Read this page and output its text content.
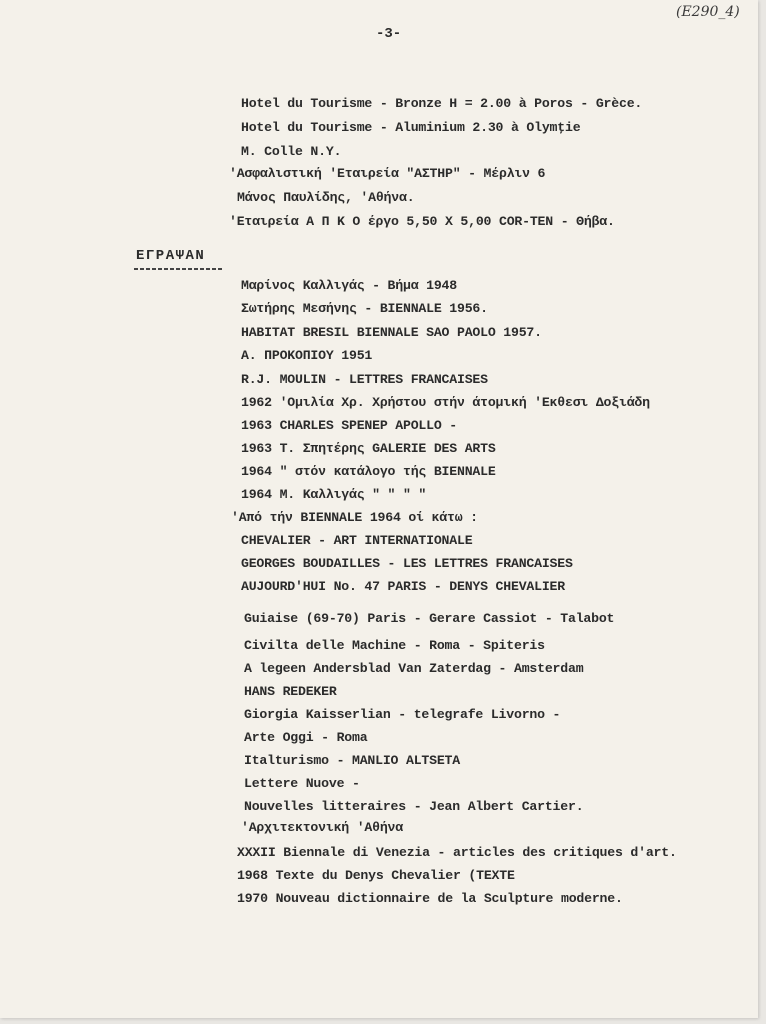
(Ε290_4)
-3-
Hotel du Tourisme - Bronze H = 2.00 à Poros - Grèce.
Hotel du Tourisme - Aluminium 2.30 à Olymţie
M. Colle N.Y.
'Ασφαλιστική 'Εταιρεία "ΑΣΤΗΡ" - Μέρλιν 6
Μάνος Παυλίδης, 'Αθήνα.
'Εταιρεία Α Π Κ Ο έργο 5,50 Χ 5,00 COR-TEN - Θήβα.
ΕΓΡΑΨΑΝ
Μαρίνος Καλλιγάς - Βήμα 1948
Σωτήρης Μεσήνης - BIENNALE 1956.
HABITAT BRESIL BIENNALE SAO PAOLO 1957.
A. ΠΡΟΚΟΠΙΟΥ 1951
R.J. MOULIN - LETTRES FRANCAISES
1962 'Ομιλία Χρ. Χρήστου στήν άτομική 'Εκθεσι Δοξιάδη
1963 CHARLES SPENEP APOLLO -
1963 Τ. Σπητέρης GALERIE DES ARTS
1964 " στόν κατάλογο τής BIENNALE
1964 M. Καλλιγάς " " " "
'Από τήν BIENNALE 1964 οί κάτω :
CHEVALIER - ART INTERNATIONALE
GEORGES BOUDAILLES - LES LETTRES FRANCAISES
AUJOURD'HUI No. 47 PARIS - DENYS CHEVALIER
Guiaise (69-70) Paris - Gerare Cassiot - Talabot
Civilta delle Machine - Roma - Spiteris
A legeen Andersblad Van Zaterdag - Amsterdam
HANS REDEKER
Giorgia Kaisserlian - telegrafe Livorno -
Arte Oggi - Roma
Italturismo - MANLIO ALTSETA
Lettere Nuove -
Nouvelles litteraires - Jean Albert Cartier.
'Αρχιτεκτονική 'Αθήνα
XXXII Biennale di Venezia - articles des critiques d'art.
1968 Texte du Denys Chevalier (TEXTE
1970 Nouveau dictionnaire de la Sculpture moderne.
